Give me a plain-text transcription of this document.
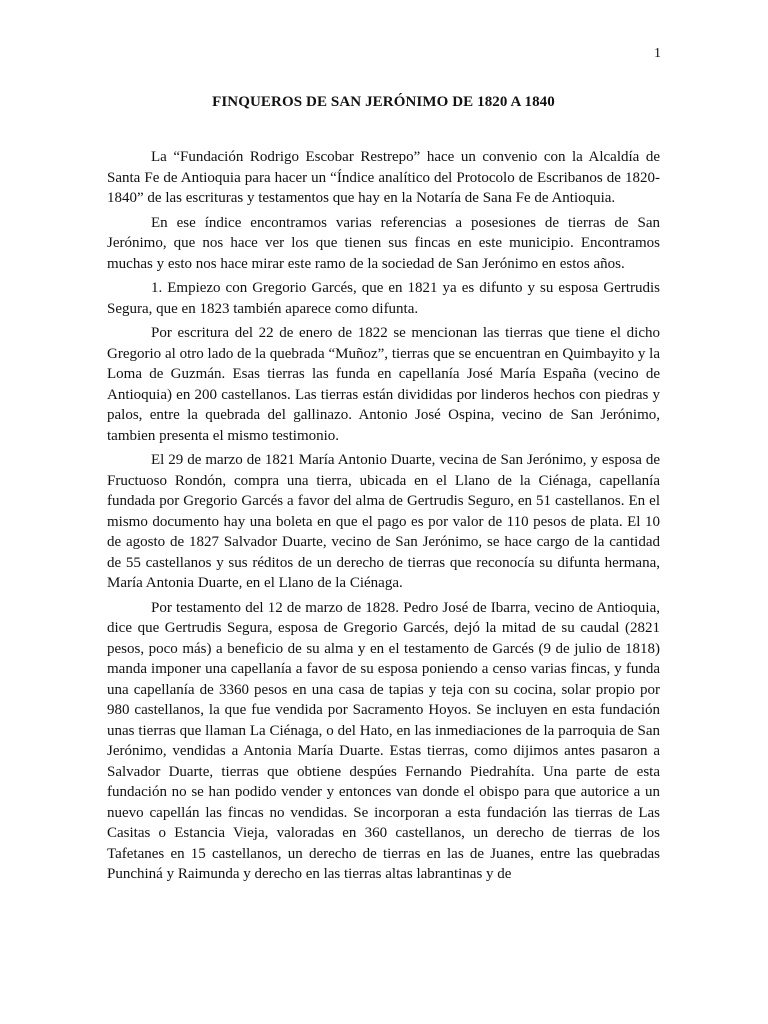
1
FINQUEROS DE SAN JERÓNIMO DE 1820 A 1840

La “Fundación Rodrigo Escobar Restrepo” hace un convenio con la Alcaldía de Santa Fe de Antioquia para hacer un “Índice analítico del Protocolo de Escribanos de 1820-1840” de las escrituras y testamentos que hay en la Notaría de Sana Fe de Antioquia.

En ese índice encontramos varias referencias a posesiones de tierras de San Jerónimo, que nos hace ver los que tienen sus fincas en este municipio. Encontramos muchas y esto nos hace mirar este ramo de la sociedad de San Jerónimo en estos años.

1. Empiezo con Gregorio Garcés, que en 1821 ya es difunto y su esposa Gertrudis Segura, que en 1823 también aparece como difunta.

Por escritura del 22 de enero de 1822 se mencionan las tierras que tiene el dicho Gregorio al otro lado de la quebrada “Muñoz”, tierras que se encuentran en Quimbayito y la Loma de Guzmán. Esas tierras las funda en capellanía José María España (vecino de Antioquia) en 200 castellanos. Las tierras están divididas por linderos hechos con piedras y palos, entre la quebrada del gallinazo. Antonio José Ospina, vecino de San Jerónimo, tambien presenta el mismo testimonio.

El 29 de marzo de 1821 María Antonio Duarte, vecina de San Jerónimo, y esposa de Fructuoso Rondón, compra una tierra, ubicada en el Llano de la Ciénaga, capellanía fundada por Gregorio Garcés a favor del alma de Gertrudis Seguro, en 51 castellanos. En el mismo documento hay una boleta en que el pago es por valor de 110 pesos de plata. El 10 de agosto de 1827 Salvador Duarte, vecino de San Jerónimo, se hace cargo de la cantidad de 55 castellanos y sus réditos de un derecho de tierras que reconocía su difunta hermana, María Antonia Duarte, en el Llano de la Ciénaga.

Por testamento del 12 de marzo de 1828. Pedro José de Ibarra, vecino de Antioquia, dice que Gertrudis Segura, esposa de Gregorio Garcés, dejó la mitad de su caudal (2821 pesos, poco más) a beneficio de su alma y en el testamento de Garcés (9 de julio de 1818) manda imponer una capellanía a favor de su esposa poniendo a censo varias fincas, y funda una capellanía de 3360 pesos en una casa de tapias y teja con su cocina, solar propio por 980 castellanos, la que fue vendida por Sacramento Hoyos. Se incluyen en esta fundación unas tierras que llaman La Ciénaga, o del Hato, en las inmediaciones de la parroquia de San Jerónimo, vendidas a Antonia María Duarte. Estas tierras, como dijimos antes pasaron a Salvador Duarte, tierras que obtiene despúes Fernando Piedrahíta. Una parte de esta fundación no se han podido vender y entonces van donde el obispo para que autorice a un nuevo capellán las fincas no vendidas. Se incorporan a esta fundación las tierras de Las Casitas o Estancia Vieja, valoradas en 360 castellanos, un derecho de tierras de los Tafetanes en 15 castellanos, un derecho de tierras en las de Juanes, entre las quebradas Punchiná y Raimunda y derecho en las tierras altas labrantinas y de
